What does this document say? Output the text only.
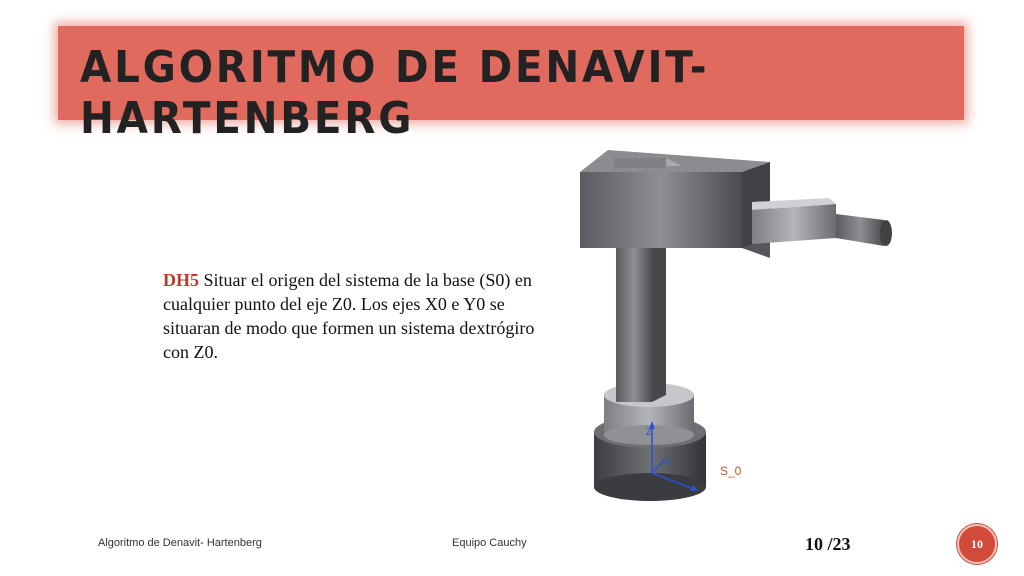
ALGORITMO DE DENAVIT- HARTENBERG
DH5 Situar el origen del sistema de la base (S0) en cualquier punto del eje Z0. Los ejes X0 e Y0 se situaran de modo que formen un sistema dextrógiro con Z0.
Z
Y
S_0
Algoritmo de Denavit- Hartenberg	Equipo Cauchy	10 /23	10
